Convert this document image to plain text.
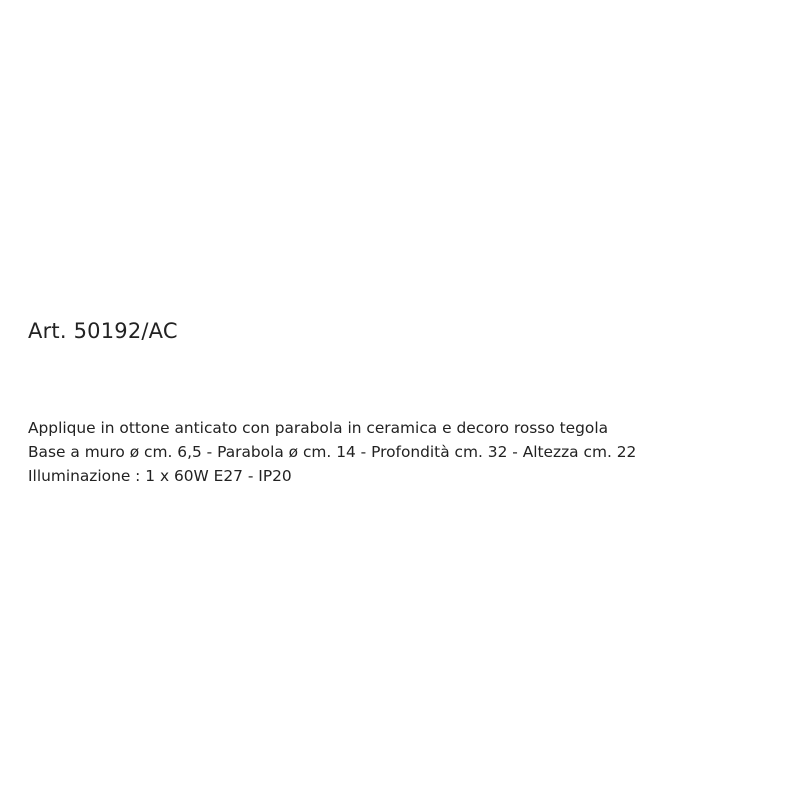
Art. 50192/AC
Applique in ottone anticato con parabola in ceramica e decoro rosso tegola
Base a muro ø cm. 6,5 - Parabola ø cm. 14 - Profondità cm. 32 - Altezza cm. 22
Illuminazione : 1 x 60W E27 - IP20
